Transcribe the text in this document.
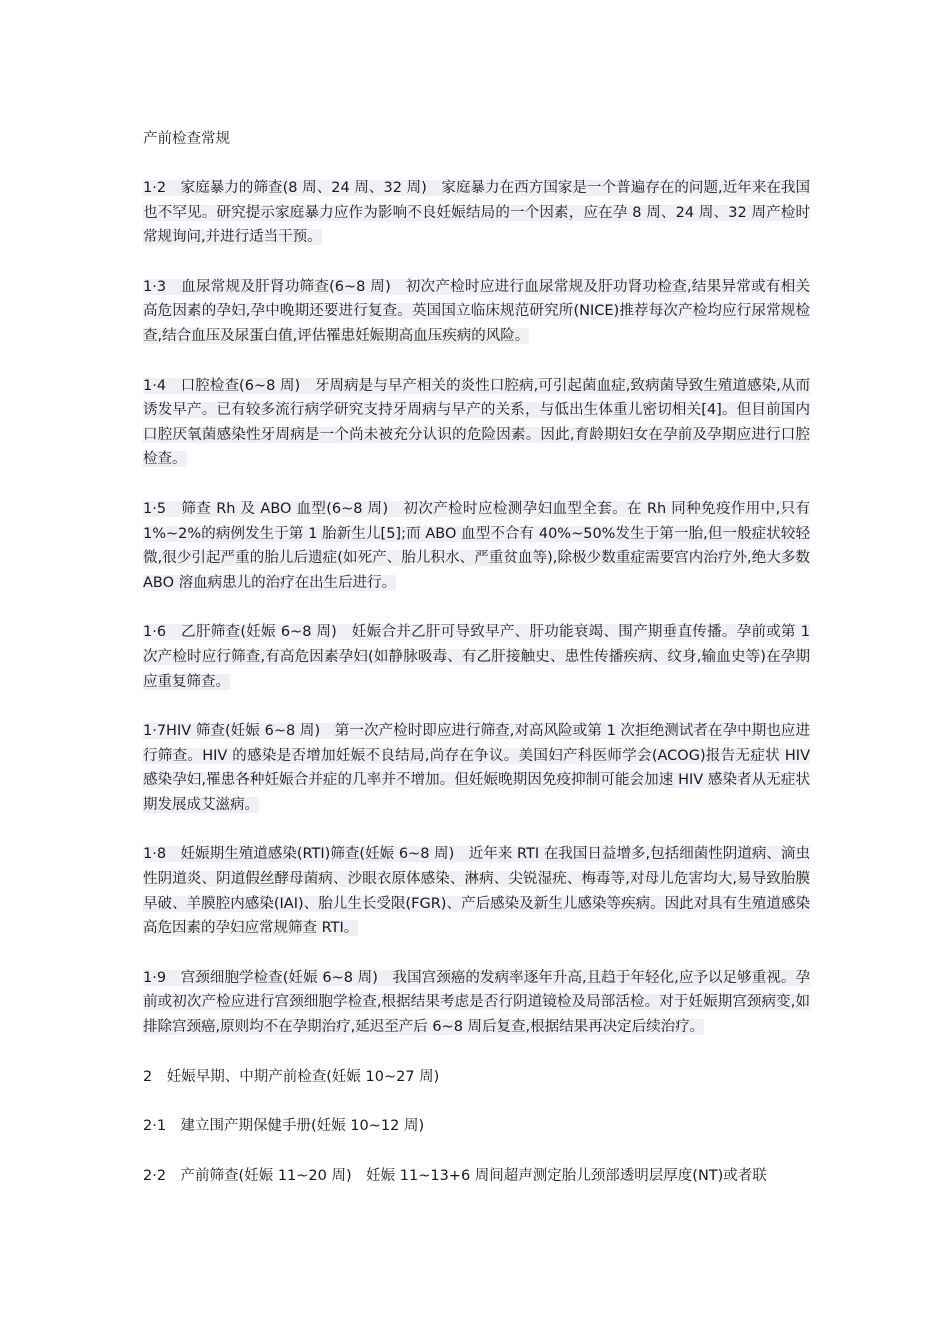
产前检查常规
1·2　家庭暴力的筛查(8 周、24 周、32 周)　家庭暴力在西方国家是一个普遍存在的问题,近年来在我国也不罕见。研究提示家庭暴力应作为影响不良妊娠结局的一个因素，应在孕 8 周、24 周、32 周产检时常规询问,并进行适当干预。
1·3　血尿常规及肝肾功筛查(6~8 周)　初次产检时应进行血尿常规及肝功肾功检查,结果异常或有相关高危因素的孕妇,孕中晚期还要进行复查。英国国立临床规范研究所(NICE)推荐每次产检均应行尿常规检查,结合血压及尿蛋白值,评估罹患妊娠期高血压疾病的风险。
1·4　口腔检查(6~8 周)　牙周病是与早产相关的炎性口腔病,可引起菌血症,致病菌导致生殖道感染,从而诱发早产。已有较多流行病学研究支持牙周病与早产的关系，与低出生体重儿密切相关[4]。但目前国内口腔厌氧菌感染性牙周病是一个尚未被充分认识的危险因素。因此,育龄期妇女在孕前及孕期应进行口腔检查。
1·5　筛查 Rh 及 ABO 血型(6~8 周)　初次产检时应检测孕妇血型全套。在 Rh 同种免疫作用中,只有 1%~2%的病例发生于第 1 胎新生儿[5];而 ABO 血型不合有 40%~50%发生于第一胎,但一般症状较轻微,很少引起严重的胎儿后遗症(如死产、胎儿积水、严重贫血等),除极少数重症需要宫内治疗外,绝大多数 ABO 溶血病患儿的治疗在出生后进行。
1·6　乙肝筛查(妊娠 6~8 周)　妊娠合并乙肝可导致早产、肝功能衰竭、围产期垂直传播。孕前或第 1 次产检时应行筛查,有高危因素孕妇(如静脉吸毒、有乙肝接触史、患性传播疾病、纹身,输血史等)在孕期应重复筛查。
1·7HIV 筛查(妊娠 6~8 周)　第一次产检时即应进行筛查,对高风险或第 1 次拒绝测试者在孕中期也应进行筛查。HIV 的感染是否增加妊娠不良结局,尚存在争议。美国妇产科医师学会(ACOG)报告无症状 HIV 感染孕妇,罹患各种妊娠合并症的几率并不增加。但妊娠晚期因免疫抑制可能会加速 HIV 感染者从无症状期发展成艾滋病。
1·8　妊娠期生殖道感染(RTI)筛查(妊娠 6~8 周)　近年来 RTI 在我国日益增多,包括细菌性阴道病、滴虫性阴道炎、阴道假丝酵母菌病、沙眼衣原体感染、淋病、尖锐湿疣、梅毒等,对母儿危害均大,易导致胎膜早破、羊膜腔内感染(IAI)、胎儿生长受限(FGR)、产后感染及新生儿感染等疾病。因此对具有生殖道感染高危因素的孕妇应常规筛查 RTI。
1·9　宫颈细胞学检查(妊娠 6~8 周)　我国宫颈癌的发病率逐年升高,且趋于年轻化,应予以足够重视。孕前或初次产检应进行宫颈细胞学检查,根据结果考虑是否行阴道镜检及局部活检。对于妊娠期宫颈病变,如排除宫颈癌,原则均不在孕期治疗,延迟至产后 6~8 周后复查,根据结果再决定后续治疗。
2　妊娠早期、中期产前检查(妊娠 10~27 周)
2·1　建立围产期保健手册(妊娠 10~12 周)
2·2　产前筛查(妊娠 11~20 周)　妊娠 11~13+6 周间超声测定胎儿颈部透明层厚度(NT)或者联
